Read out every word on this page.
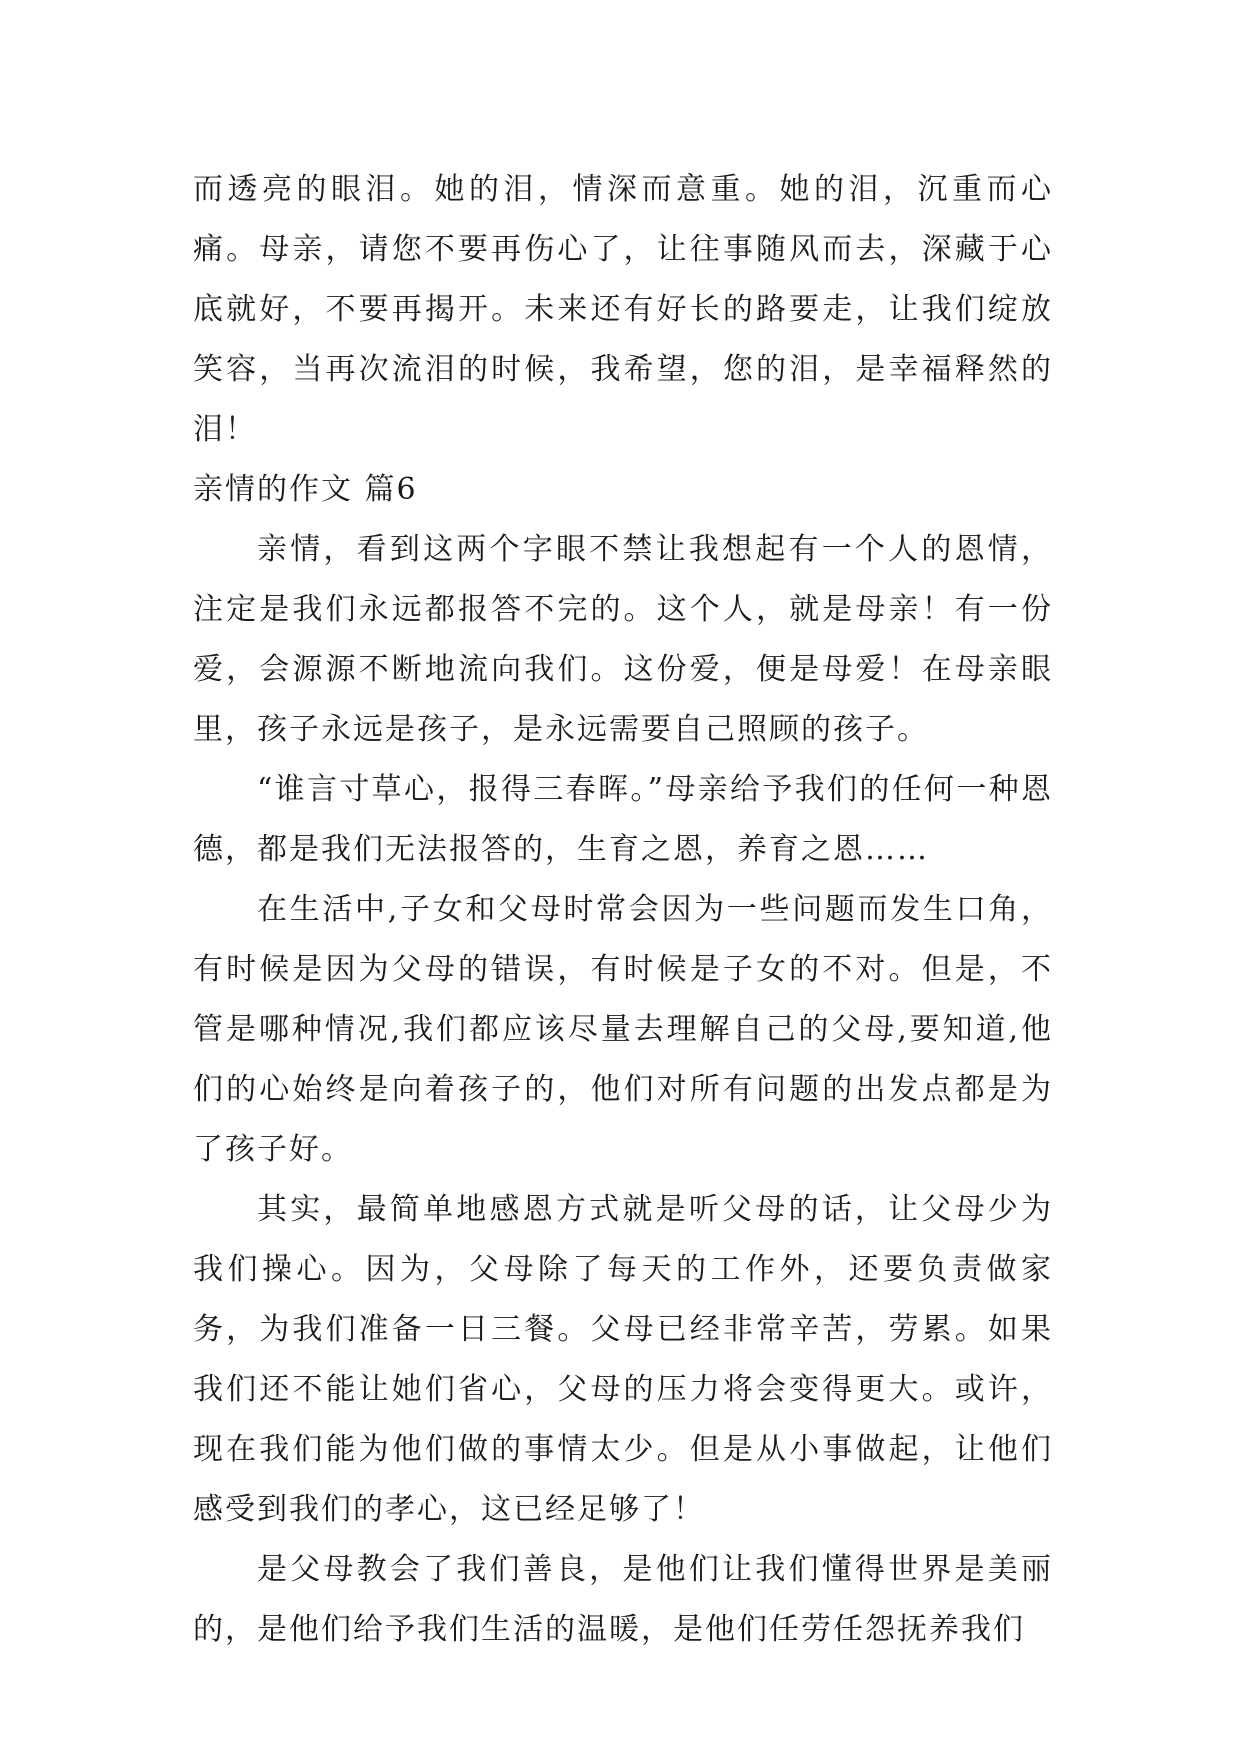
而透亮的眼泪。她的泪，情深而意重。她的泪，沉重而心痛。母亲，请您不要再伤心了，让往事随风而去，深藏于心底就好，不要再揭开。未来还有好长的路要走，让我们绽放笑容，当再次流泪的时候，我希望，您的泪，是幸福释然的泪！

亲情的作文 篇6

亲情，看到这两个字眼不禁让我想起有一个人的恩情，注定是我们永远都报答不完的。这个人，就是母亲！有一份爱，会源源不断地流向我们。这份爱，便是母爱！在母亲眼里，孩子永远是孩子，是永远需要自己照顾的孩子。

“谁言寸草心，报得三春晖。”母亲给予我们的任何一种恩德，都是我们无法报答的，生育之恩，养育之恩……

在生活中,子女和父母时常会因为一些问题而发生口角，有时候是因为父母的错误，有时候是子女的不对。但是，不管是哪种情况,我们都应该尽量去理解自己的父母,要知道,他们的心始终是向着孩子的，他们对所有问题的出发点都是为了孩子好。

其实，最简单地感恩方式就是听父母的话，让父母少为我们操心。因为，父母除了每天的工作外，还要负责做家务，为我们准备一日三餐。父母已经非常辛苦，劳累。如果我们还不能让她们省心，父母的压力将会变得更大。或许，现在我们能为他们做的事情太少。但是从小事做起，让他们感受到我们的孝心，这已经足够了！

是父母教会了我们善良，是他们让我们懂得世界是美丽的，是他们给予我们生活的温暖，是他们任劳任怨抚养我们
